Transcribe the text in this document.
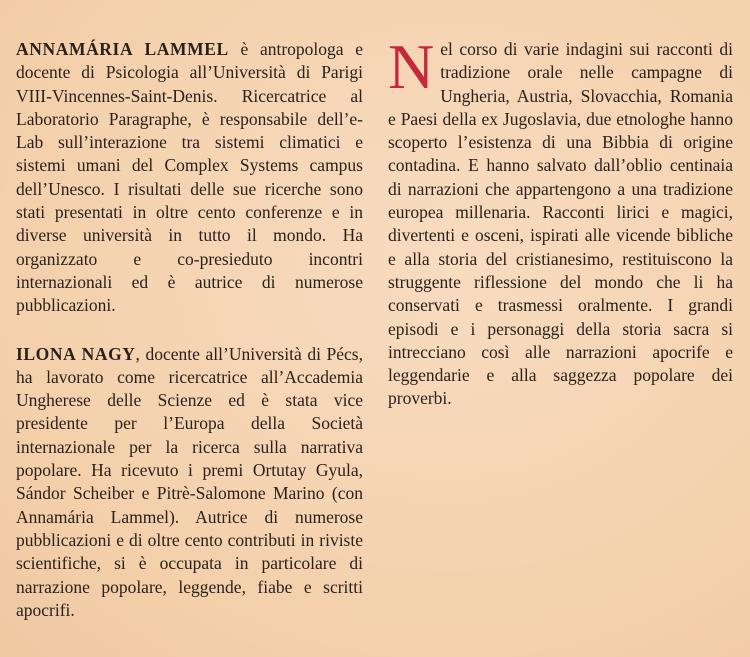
ANNAMÁRIA LAMMEL è antropologa e docente di Psicologia all’Università di Parigi VIII-Vincennes-Saint-Denis. Ricercatrice al Laboratorio Paragraphe, è responsabile dell’e-Lab sull’interazione tra sistemi climatici e sistemi umani del Complex Systems campus dell’Unesco. I risultati delle sue ricerche sono stati presentati in oltre cento conferenze e in diverse università in tutto il mondo. Ha organizzato e co-presieduto incontri internazionali ed è autrice di numerose pubblicazioni.

ILONA NAGY, docente all’Università di Pécs, ha lavorato come ricercatrice all’Accademia Ungherese delle Scienze ed è stata vice presidente per l’Europa della Società internazionale per la ricerca sulla narrativa popolare. Ha ricevuto i premi Ortutay Gyula, Sándor Scheiber e Pitrè-Salomone Marino (con Annamária Lammel). Autrice di numerose pubblicazioni e di oltre cento contributi in riviste scientifiche, si è occupata in particolare di narrazione popolare, leggende, fiabe e scritti apocrifi.

Nel corso di varie indagini sui racconti di tradizione orale nelle campagne di Ungheria, Austria, Slovacchia, Romania e Paesi della ex Jugoslavia, due etnologhe hanno scoperto l’esistenza di una Bibbia di origine contadina. E hanno salvato dall’oblio centinaia di narrazioni che appartengono a una tradizione europea millenaria. Racconti lirici e magici, divertenti e osceni, ispirati alle vicende bibliche e alla storia del cristianesimo, restituiscono la struggente riflessione del mondo che li ha conservati e trasmessi oralmente. I grandi episodi e i personaggi della storia sacra si intrecciano così alle narrazioni apocrife e leggendarie e alla saggezza popolare dei proverbi.
